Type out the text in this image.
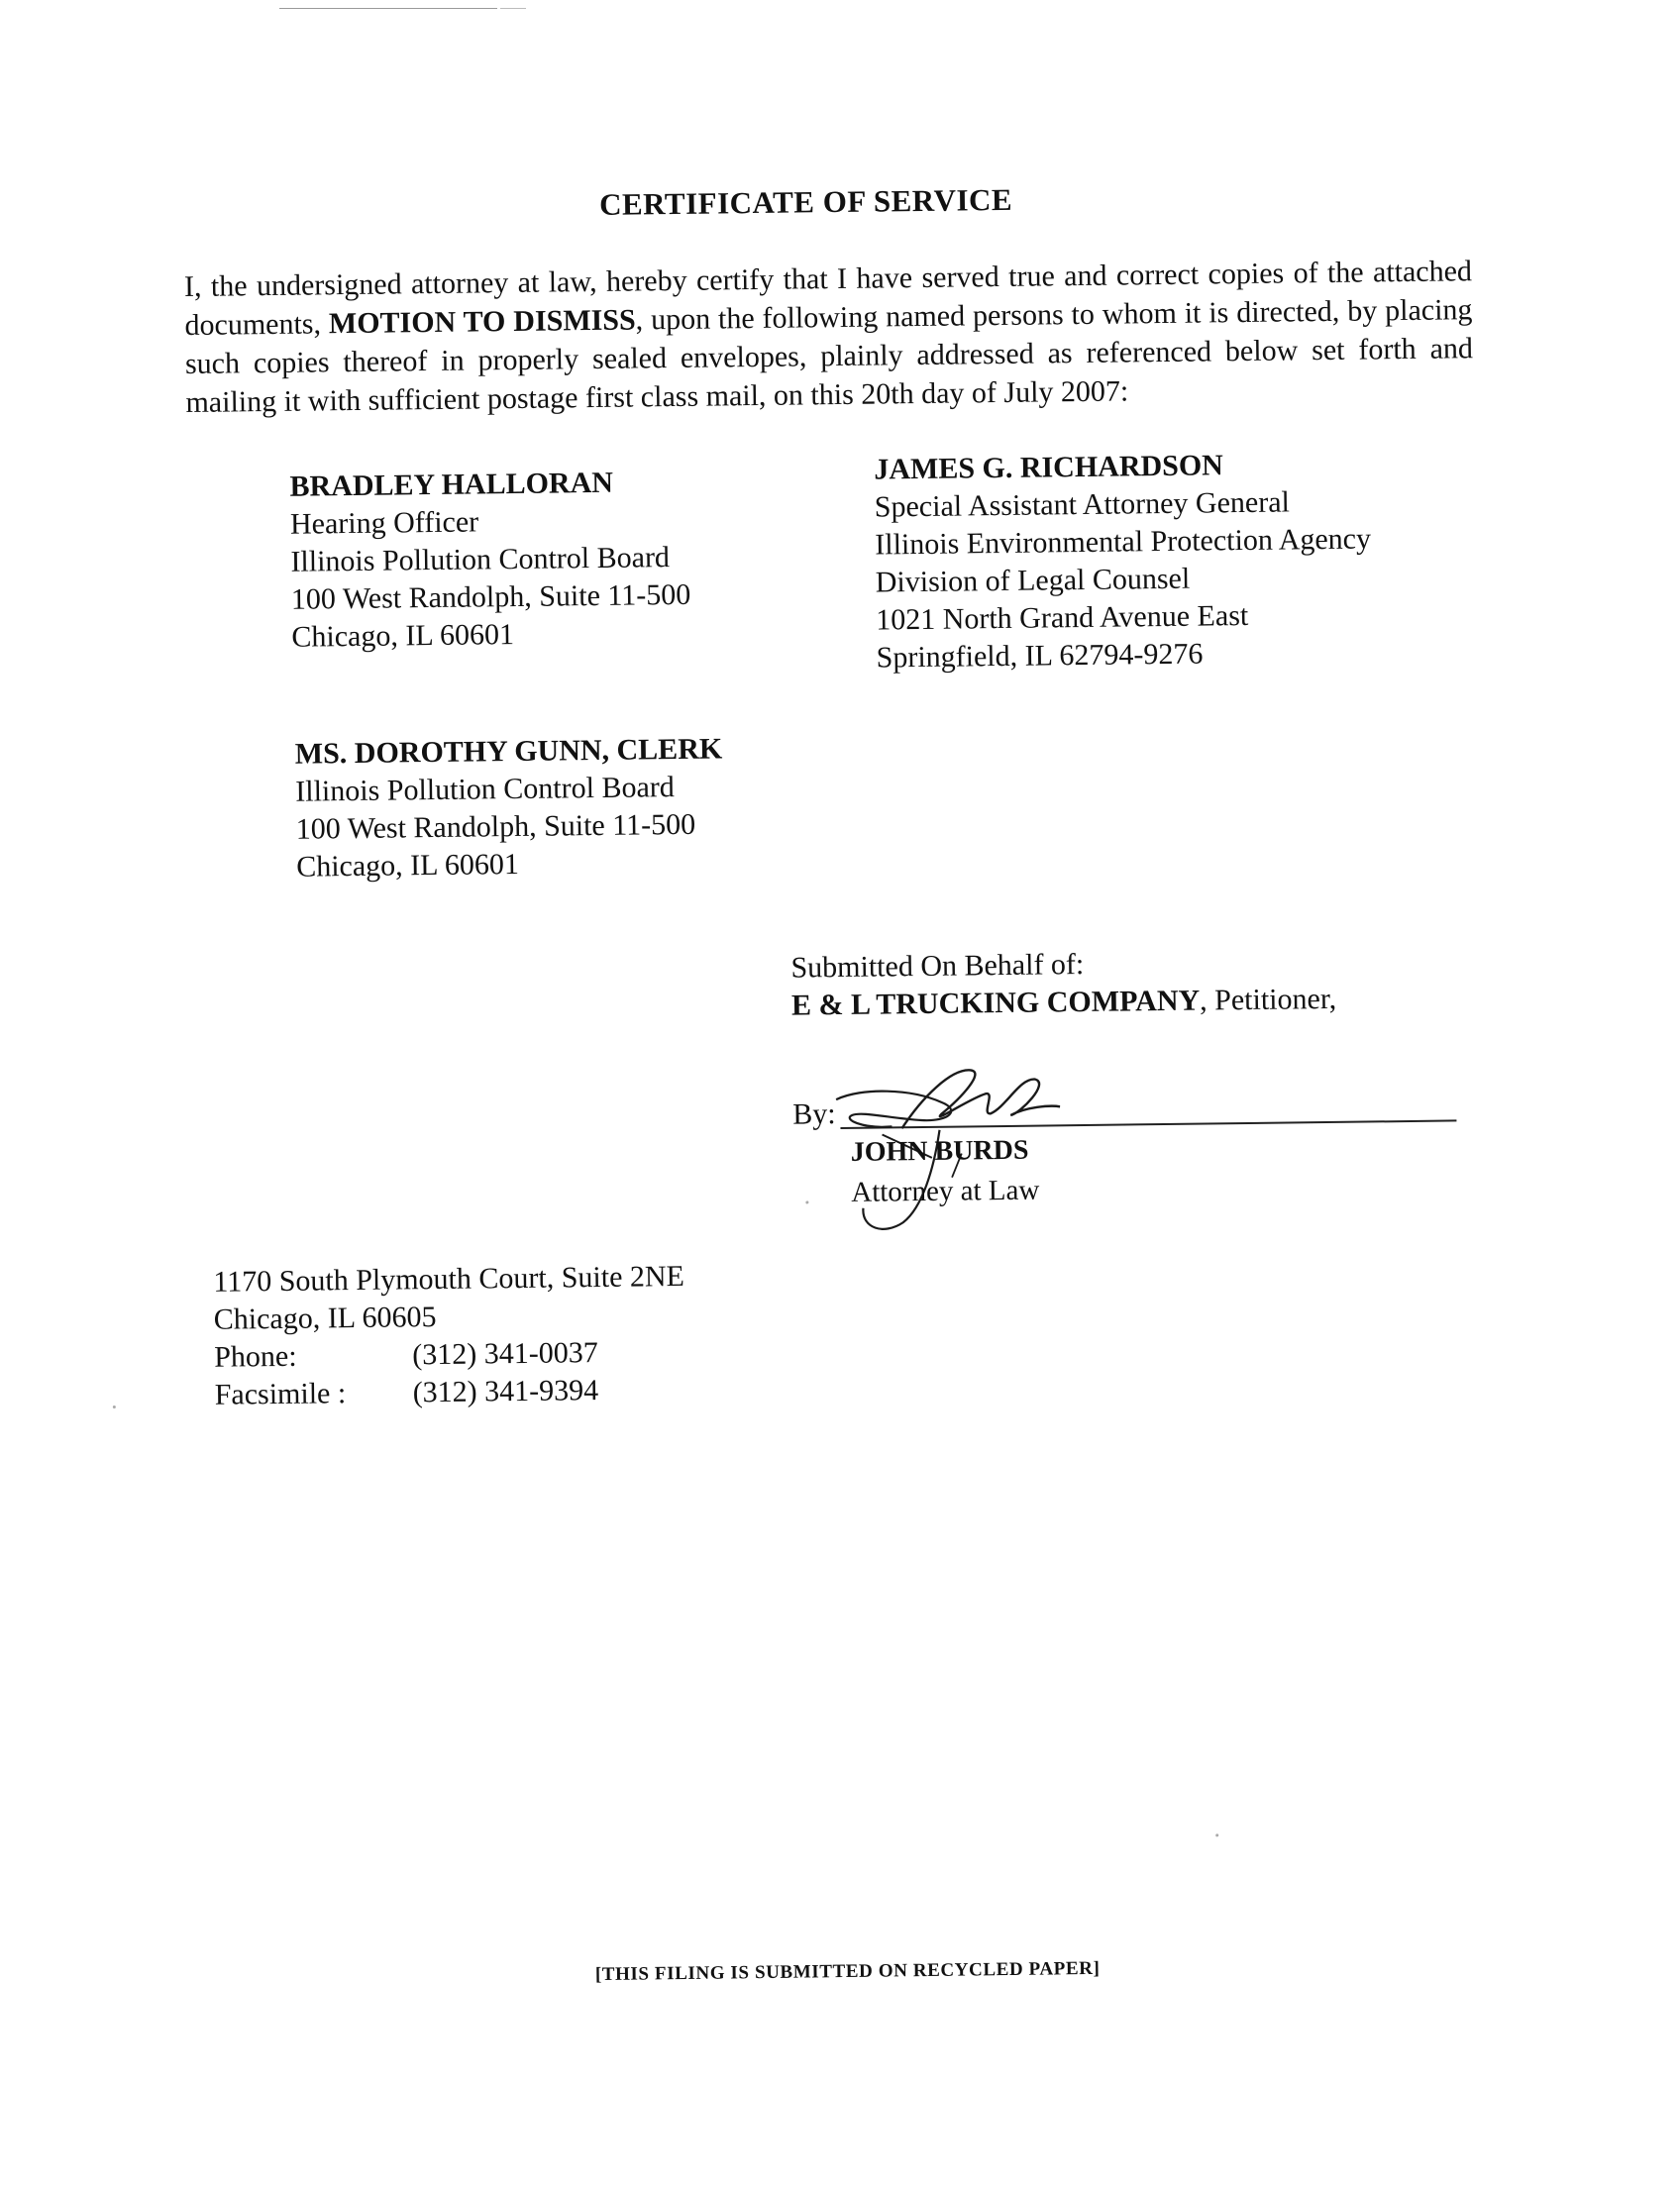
CERTIFICATE OF SERVICE
I, the undersigned attorney at law, hereby certify that I have served true and correct copies of the attached documents, MOTION TO DISMISS, upon the following named persons to whom it is directed, by placing such copies thereof in properly sealed envelopes, plainly addressed as referenced below set forth and mailing it with sufficient postage first class mail, on this 20th day of July 2007:
BRADLEY HALLORAN
Hearing Officer
Illinois Pollution Control Board
100 West Randolph, Suite 11-500
Chicago, IL 60601
JAMES G. RICHARDSON
Special Assistant Attorney General
Illinois Environmental Protection Agency
Division of Legal Counsel
1021 North Grand Avenue East
Springfield, IL 62794-9276
MS. DOROTHY GUNN, CLERK
Illinois Pollution Control Board
100 West Randolph, Suite 11-500
Chicago, IL 60601
Submitted On Behalf of:
E & L TRUCKING COMPANY, Petitioner,
By:
JOHN BURDS
Attorney at Law
1170 South Plymouth Court, Suite 2NE
Chicago, IL 60605
Phone:	(312) 341-0037
Facsimile :	(312) 341-9394
[THIS FILING IS SUBMITTED ON RECYCLED PAPER]
